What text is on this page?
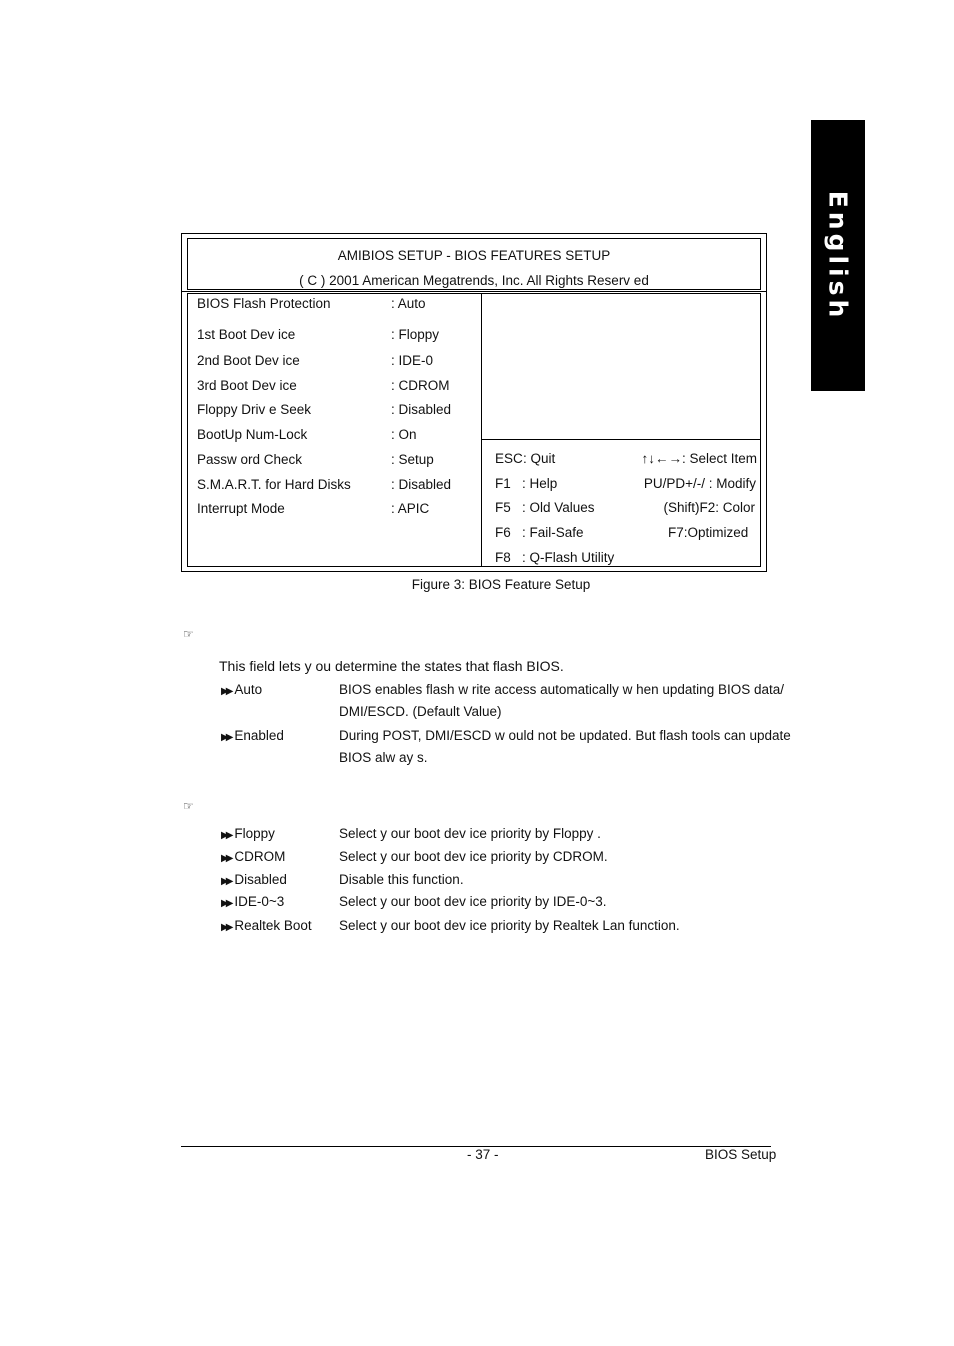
English
AMIBIOS SETUP - BIOS FEATURES SETUP
( C ) 2001 American Megatrends, Inc. All Rights Reserv ed
BIOS Flash Protection	: Auto
1st Boot Dev ice	: Floppy
2nd Boot Dev ice	: IDE-0
3rd Boot Dev ice	: CDROM
Floppy Driv e Seek	: Disabled
BootUp Num-Lock	: On
Passw ord Check	: Setup
S.M.A.R.T. for Hard Disks	: Disabled
Interrupt Mode	: APIC
ESC : Quit	↑↓←→: Select Item
F1 : Help	PU/PD+/-/ : Modify
F5 : Old Values	(Shift)F2: Color
F6 : Fail-Safe	F7:Optimized
F8 : Q-Flash Utility
Figure 3: BIOS Feature Setup
☞
This field lets y ou determine the states that flash BIOS.
▶▶ Auto	BIOS enables flash w rite access automatically w hen updating BIOS data/
DMI/ESCD. (Default Value)
▶▶ Enabled	During POST, DMI/ESCD w ould not be updated. But flash tools can update
BIOS alw ay s.
☞
▶▶ Floppy	Select y our boot dev ice priority by Floppy .
▶▶ CDROM	Select y our boot dev ice priority by CDROM.
▶▶ Disabled	Disable this function.
▶▶ IDE-0~3	Select y our boot dev ice priority by IDE-0~3.
▶▶ Realtek Boot Select y our boot dev ice priority by Realtek Lan function.
- 37 -	BIOS Setup
